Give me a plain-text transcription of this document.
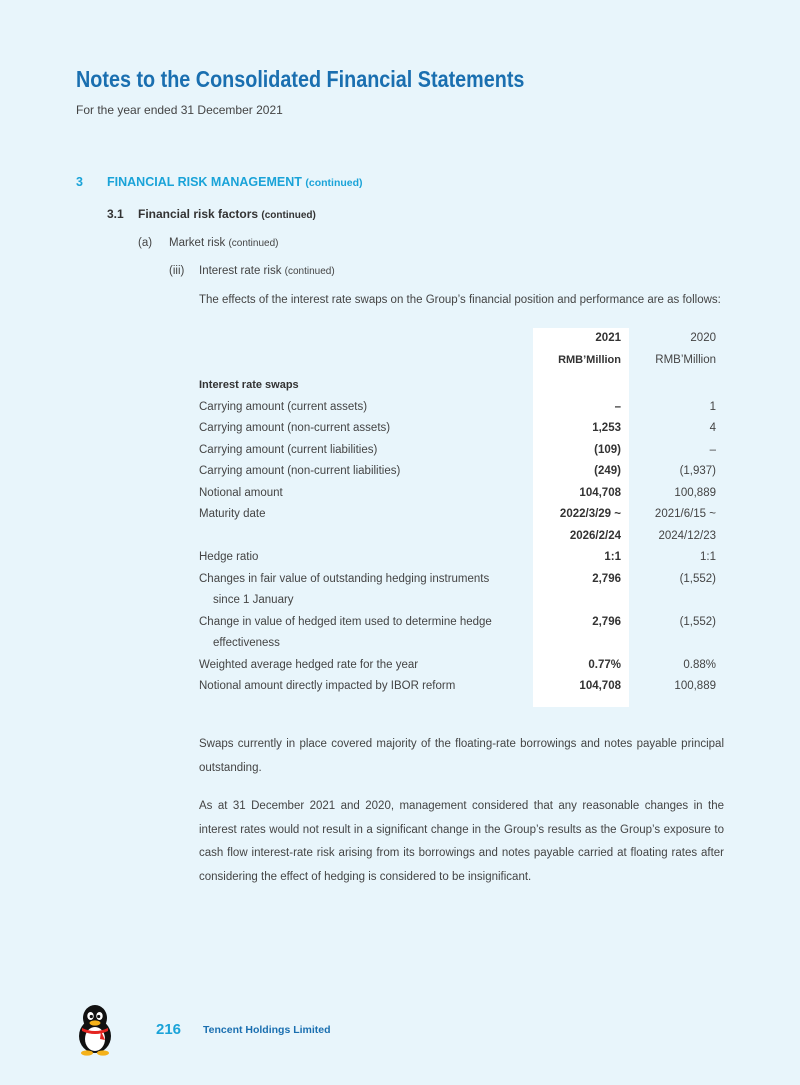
Notes to the Consolidated Financial Statements
For the year ended 31 December 2021
3 FINANCIAL RISK MANAGEMENT (continued)
3.1 Financial risk factors (continued)
(a) Market risk (continued)
(iii) Interest rate risk (continued)
The effects of the interest rate swaps on the Group’s financial position and performance are as follows:
2021	2020
RMB’Million	RMB’Million
Interest rate swaps
Carrying amount (current assets)	–	1
Carrying amount (non-current assets)	1,253	4
Carrying amount (current liabilities)	(109)	–
Carrying amount (non-current liabilities)	(249)	(1,937)
Notional amount	104,708	100,889
Maturity date	2022/3/29 ~	2021/6/15 ~
2026/2/24	2024/12/23
Hedge ratio	1:1	1:1
Changes in fair value of outstanding hedging instruments	2,796	(1,552)
since 1 January
Change in value of hedged item used to determine hedge	2,796	(1,552)
effectiveness
Weighted average hedged rate for the year	0.77%	0.88%
Notional amount directly impacted by IBOR reform	104,708	100,889
Swaps currently in place covered majority of the floating-rate borrowings and notes payable principal outstanding.
As at 31 December 2021 and 2020, management considered that any reasonable changes in the interest rates would not result in a significant change in the Group’s results as the Group’s exposure to cash flow interest-rate risk arising from its borrowings and notes payable carried at floating rates after considering the effect of hedging is considered to be insignificant.
216 Tencent Holdings Limited
